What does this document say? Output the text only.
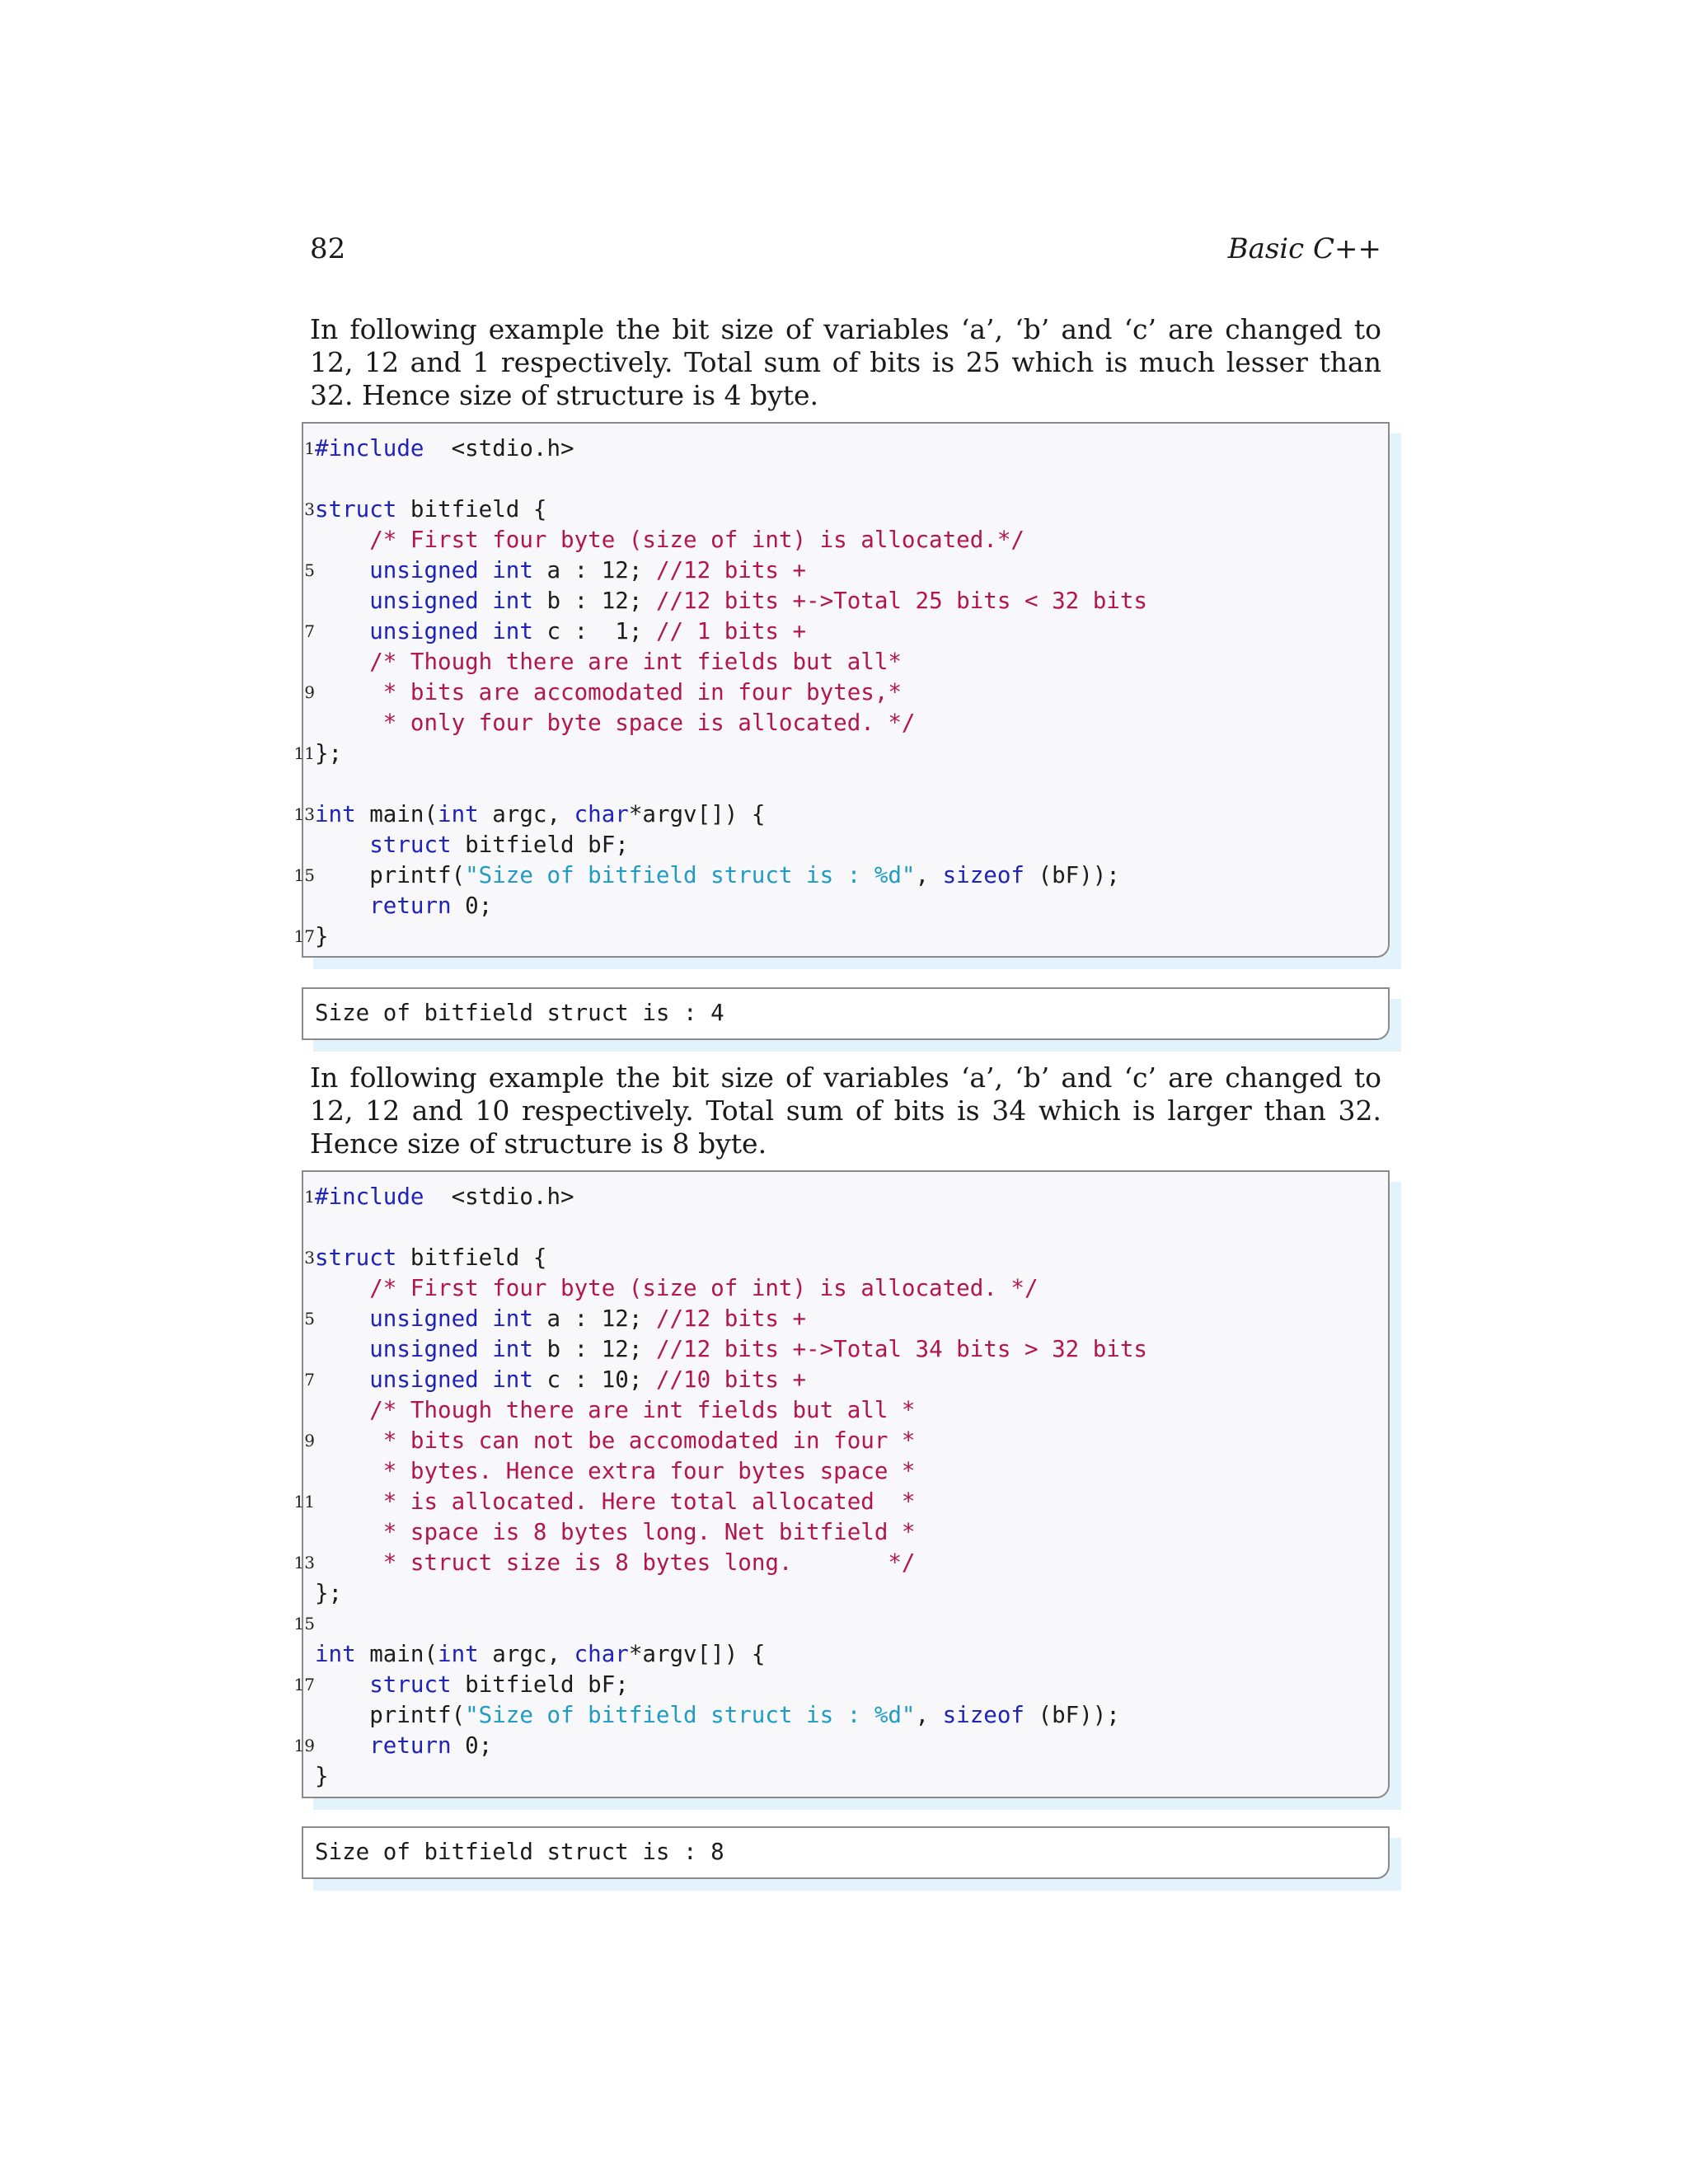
82	Basic C++

In following example the bit size of variables ‘a’, ‘b’ and ‘c’ are changed to 12, 12 and 1 respectively. Total sum of bits is 25 which is much lesser than 32. Hence size of structure is 4 byte.

1 #include  <stdio.h>

3 struct bitfield {
/* First four byte (size of int) is allocated.*/
5 unsigned int a : 12; //12 bits +
unsigned int b : 12; //12 bits +->Total 25 bits < 32 bits
7 unsigned int c :  1; // 1 bits +
/* Though there are int fields but all*
9 * bits are accomodated in four bytes,*
* only four byte space is allocated. */
11 };

13 int main(int argc, char*argv[]) {
struct bitfield bF;
15 printf("Size of bitfield struct is : %d", sizeof (bF));
return 0;
17 }
Size of bitfield struct is : 4

In following example the bit size of variables ‘a’, ‘b’ and ‘c’ are changed to 12, 12 and 10 respectively. Total sum of bits is 34 which is larger than 32. Hence size of structure is 8 byte.

1 #include  <stdio.h>

3 struct bitfield {
/* First four byte (size of int) is allocated. */
5 unsigned int a : 12; //12 bits +
unsigned int b : 12; //12 bits +->Total 34 bits > 32 bits
7 unsigned int c : 10; //10 bits +
/* Though there are int fields but all *
9 * bits can not be accomodated in four *
* bytes. Hence extra four bytes space *
11 * is allocated. Here total allocated  *
* space is 8 bytes long. Net bitfield *
13 * struct size is 8 bytes long.       */
};
15

int main(int argc, char*argv[]) {
17 struct bitfield bF;
printf("Size of bitfield struct is : %d", sizeof (bF));
19 return 0;
}
Size of bitfield struct is : 8
